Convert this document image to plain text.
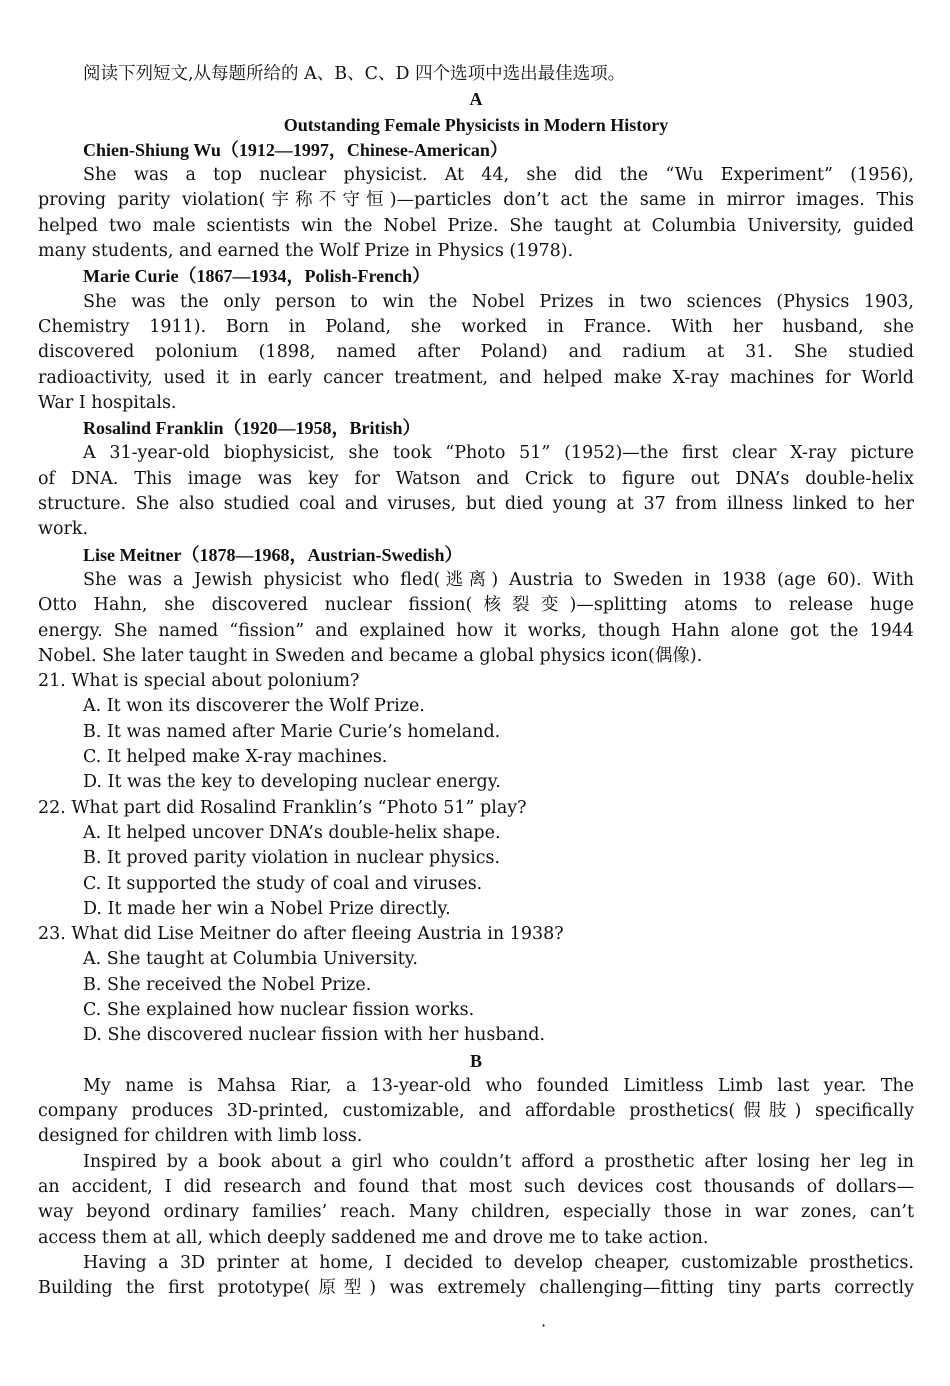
阅读下列短文,从每题所给的 A、B、C、D 四个选项中选出最佳选项。
A
Outstanding Female Physicists in Modern History
Chien-Shiung Wu（1912—1997，Chinese-American）
She was a top nuclear physicist. At 44, she did the “Wu Experiment” (1956),
proving parity violation(宇称不守恒)—particles don’t act the same in mirror images. This
helped two male scientists win the Nobel Prize. She taught at Columbia University, guided
many students, and earned the Wolf Prize in Physics (1978).
Marie Curie（1867—1934，Polish-French）
She was the only person to win the Nobel Prizes in two sciences (Physics 1903,
Chemistry 1911). Born in Poland, she worked in France. With her husband, she
discovered polonium (1898, named after Poland) and radium at 31. She studied
radioactivity, used it in early cancer treatment, and helped make X-ray machines for World
War I hospitals.
Rosalind Franklin（1920—1958，British）
A 31-year-old biophysicist, she took “Photo 51” (1952)—the first clear X-ray picture
of DNA. This image was key for Watson and Crick to figure out DNA’s double-helix
structure. She also studied coal and viruses, but died young at 37 from illness linked to her
work.
Lise Meitner（1878—1968，Austrian-Swedish）
She was a Jewish physicist who fled(逃离) Austria to Sweden in 1938 (age 60). With
Otto Hahn, she discovered nuclear fission(核裂变)—splitting atoms to release huge
energy. She named “fission” and explained how it works, though Hahn alone got the 1944
Nobel. She later taught in Sweden and became a global physics icon(偶像).
21. What is special about polonium?
A. It won its discoverer the Wolf Prize.
B. It was named after Marie Curie’s homeland.
C. It helped make X-ray machines.
D. It was the key to developing nuclear energy.
22. What part did Rosalind Franklin’s “Photo 51” play?
A. It helped uncover DNA’s double-helix shape.
B. It proved parity violation in nuclear physics.
C. It supported the study of coal and viruses.
D. It made her win a Nobel Prize directly.
23. What did Lise Meitner do after fleeing Austria in 1938?
A. She taught at Columbia University.
B. She received the Nobel Prize.
C. She explained how nuclear fission works.
D. She discovered nuclear fission with her husband.
B
My name is Mahsa Riar, a 13-year-old who founded Limitless Limb last year. The
company produces 3D-printed, customizable, and affordable prosthetics(假肢) specifically
designed for children with limb loss.
Inspired by a book about a girl who couldn’t afford a prosthetic after losing her leg in
an accident, I did research and found that most such devices cost thousands of dollars—
way beyond ordinary families’ reach. Many children, especially those in war zones, can’t
access them at all, which deeply saddened me and drove me to take action.
Having a 3D printer at home, I decided to develop cheaper, customizable prosthetics.
Building the first prototype(原型) was extremely challenging—fitting tiny parts correctly
·
